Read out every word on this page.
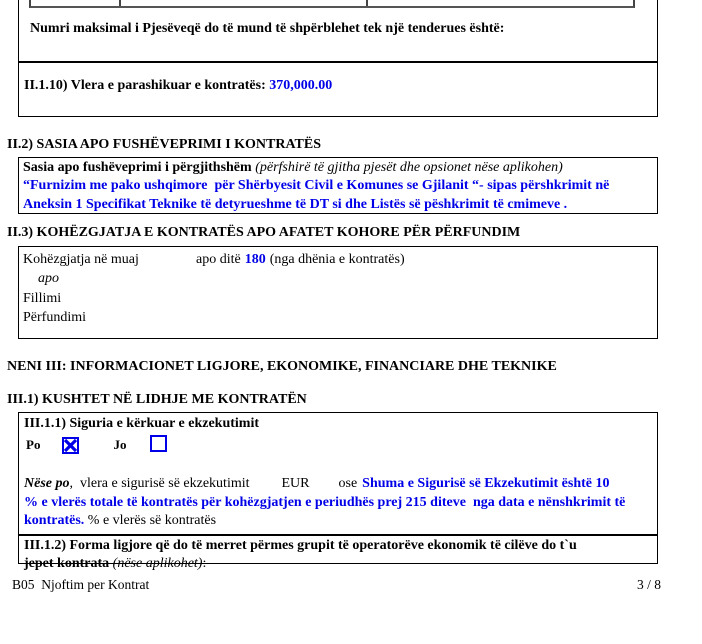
Numri maksimal i Pjesëveqë do të mund të shpërblehet tek një tenderues është:
II.1.10) Vlera e parashikuar e kontratës: 370,000.00
II.2) SASIA APO FUSHËVEPRIMI I KONTRATËS
Sasia apo fushëveprimi i përgjithshëm (përfshirë të gjitha pjesët dhe opsionet nëse aplikohen)
“Furnizim me pako ushqimore  për Shërbyesit Civil e Komunes se Gjilanit “- sipas përshkrimit në
Aneksin 1 Specifikat Teknike të detyrueshme të DT si dhe Listës së pëshkrimit të cmimeve .
II.3) KOHËZGJATJA E KONTRATËS APO AFATET KOHORE PËR PËRFUNDIM
Kohëzgjatja në muaj	apo ditë 180 (nga dhënia e kontratës)
apo
Fillimi
Përfundimi
NENI III: INFORMACIONET LIGJORE, EKONOMIKE, FINANCIARE DHE TEKNIKE
III.1) KUSHTET NË LIDHJE ME KONTRATËN
III.1.1) Siguria e kërkuar e ekzekutimit
Po	Jo
Nëse po,  vlera e sigurisë së ekzekutimit EUR ose Shuma e Sigurisë së Ekzekutimit është 10
% e vlerës totale të kontratës për kohëzgjatjen e periudhës prej 215 diteve  nga data e nënshkrimit të
kontratës. % e vlerës së kontratës
III.1.2) Forma ligjore që do të merret përmes grupit të operatorëve ekonomik të cilëve do t`u
jepet kontrata (nëse aplikohet):
B05  Njoftim per Kontrat	3 / 8
